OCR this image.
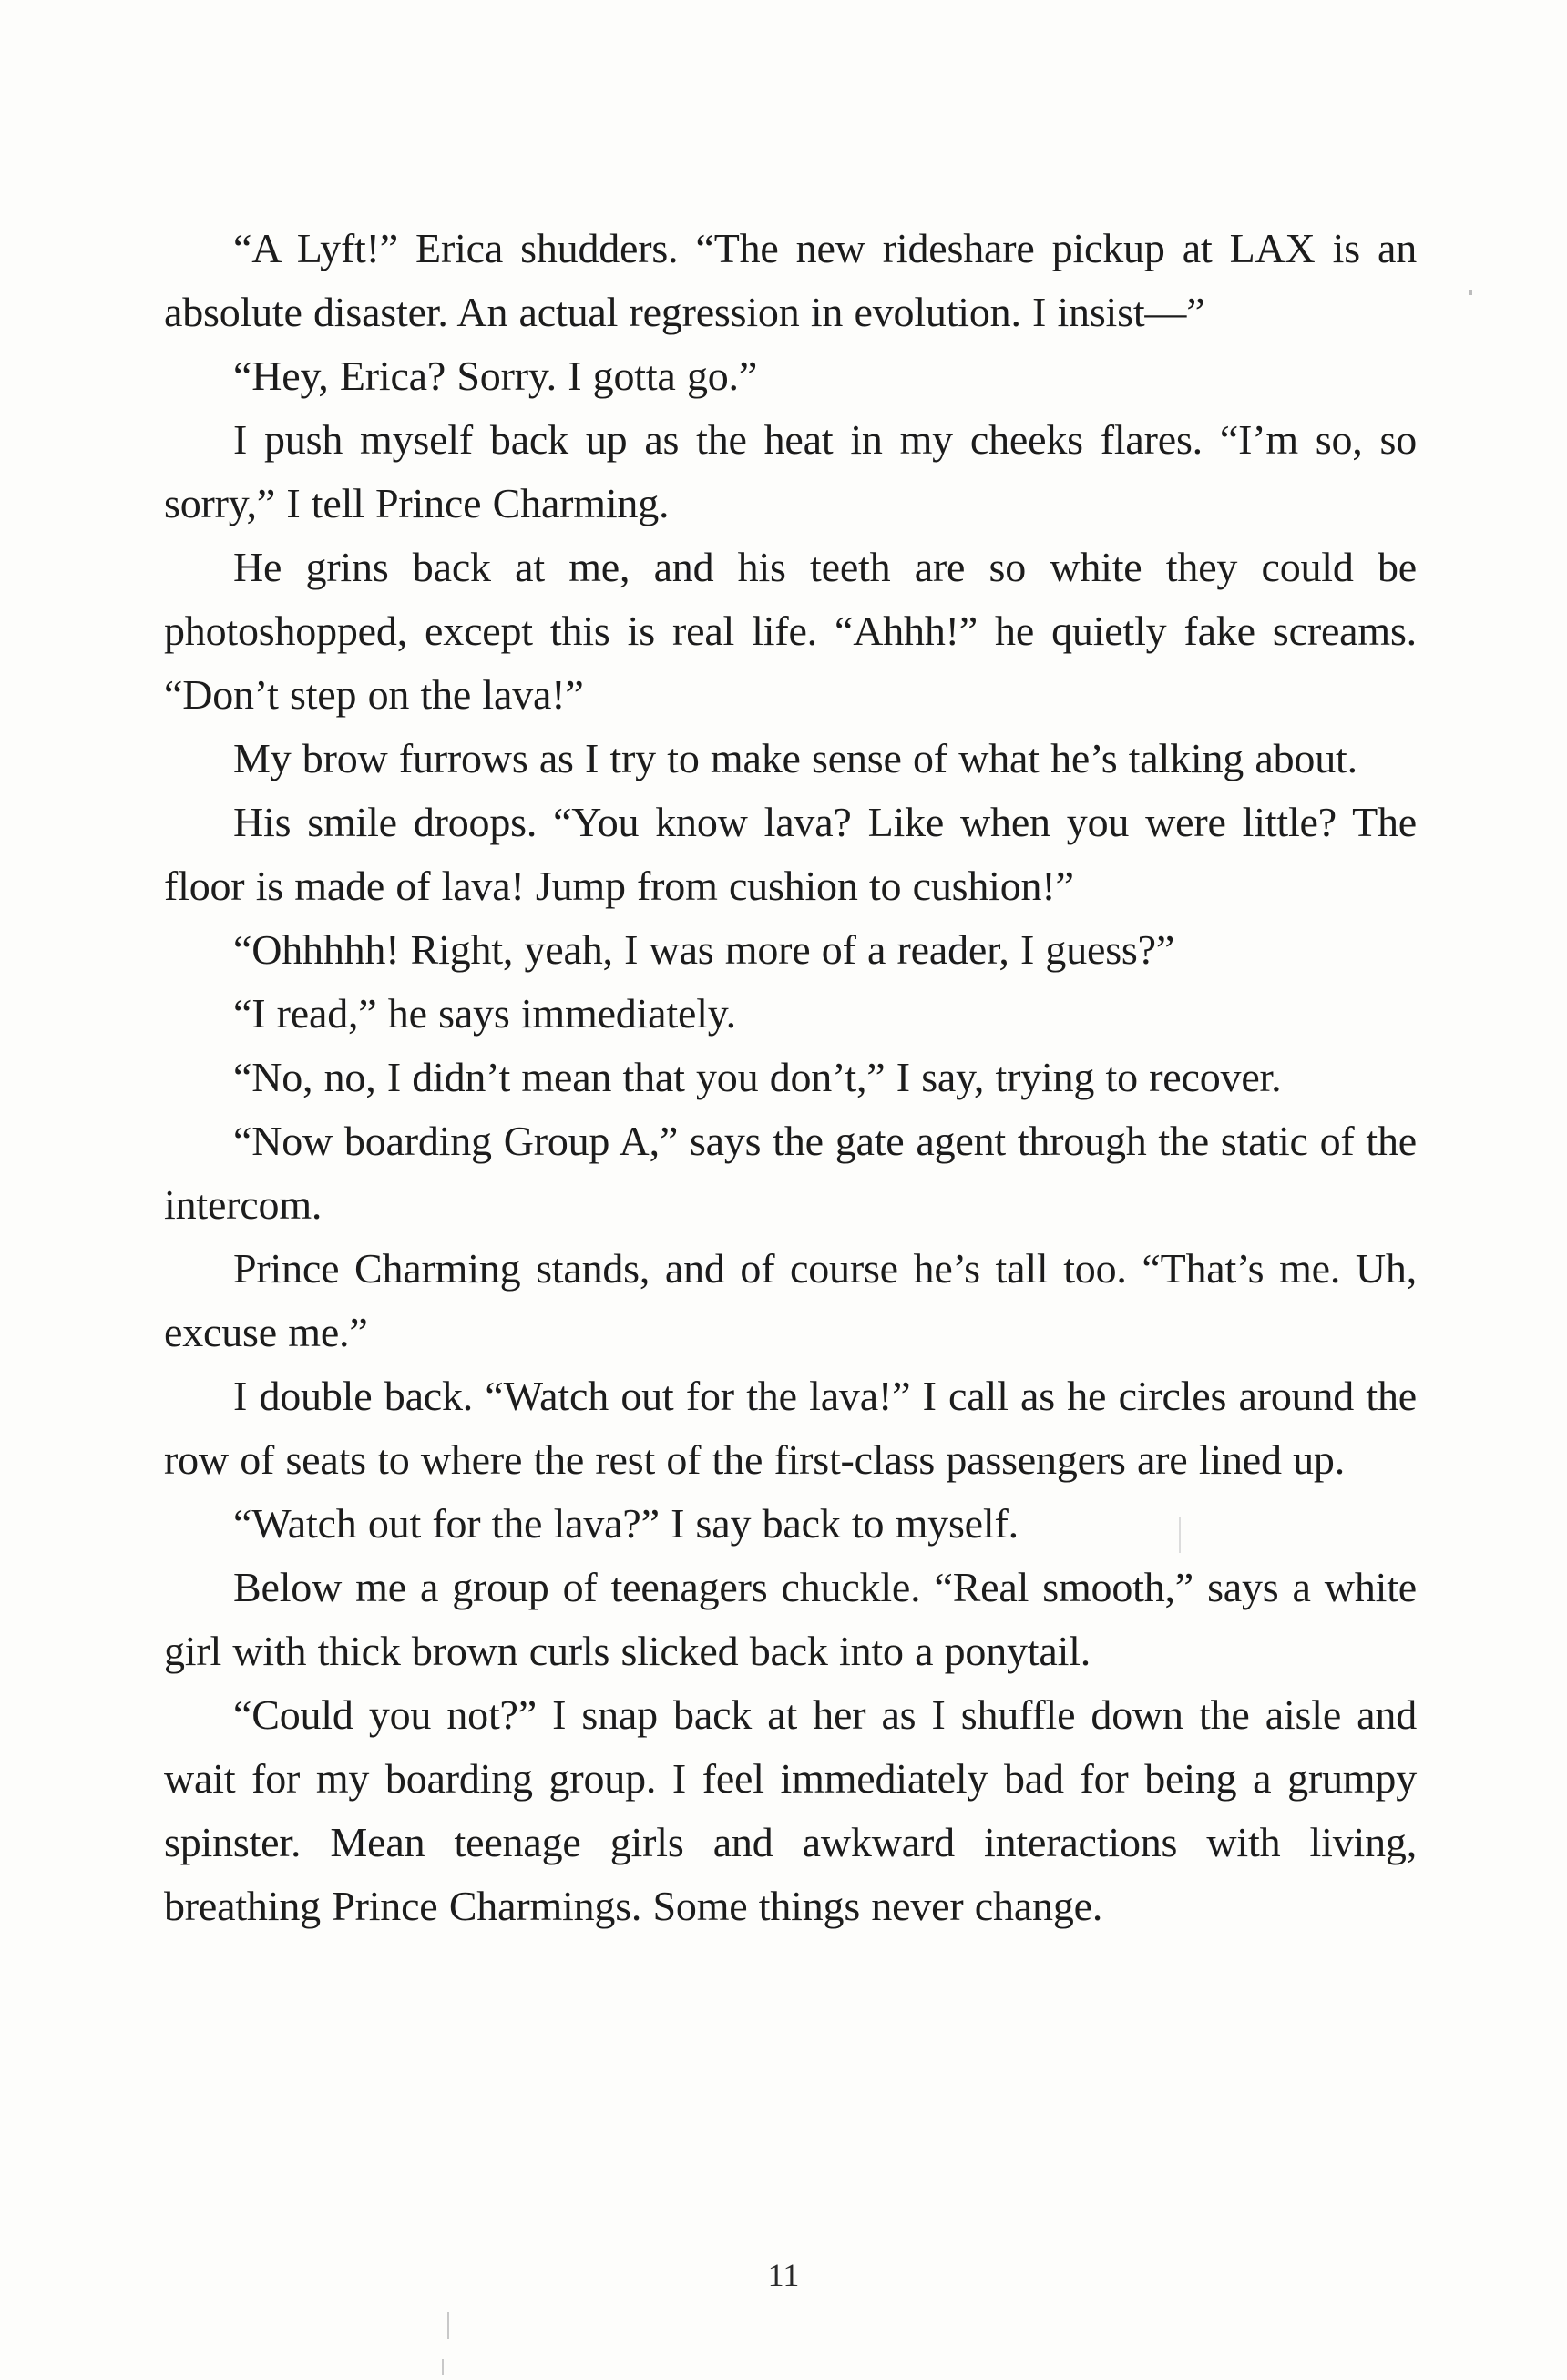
“A Lyft!” Erica shudders. “The new rideshare pickup at LAX is an absolute disaster. An actual regression in evolution. I insist—”

“Hey, Erica? Sorry. I gotta go.”

I push myself back up as the heat in my cheeks flares. “I’m so, so sorry,” I tell Prince Charming.

He grins back at me, and his teeth are so white they could be photoshopped, except this is real life. “Ahhh!” he quietly fake screams. “Don’t step on the lava!”

My brow furrows as I try to make sense of what he’s talking about.

His smile droops. “You know lava? Like when you were little? The floor is made of lava! Jump from cushion to cushion!”

“Ohhhhh! Right, yeah, I was more of a reader, I guess?”

“I read,” he says immediately.

“No, no, I didn’t mean that you don’t,” I say, trying to recover.

“Now boarding Group A,” says the gate agent through the static of the intercom.

Prince Charming stands, and of course he’s tall too. “That’s me. Uh, excuse me.”

I double back. “Watch out for the lava!” I call as he circles around the row of seats to where the rest of the first-class passengers are lined up.

“Watch out for the lava?” I say back to myself.

Below me a group of teenagers chuckle. “Real smooth,” says a white girl with thick brown curls slicked back into a ponytail.

“Could you not?” I snap back at her as I shuffle down the aisle and wait for my boarding group. I feel immediately bad for being a grumpy spinster. Mean teenage girls and awkward interactions with living, breathing Prince Charmings. Some things never change.

11
